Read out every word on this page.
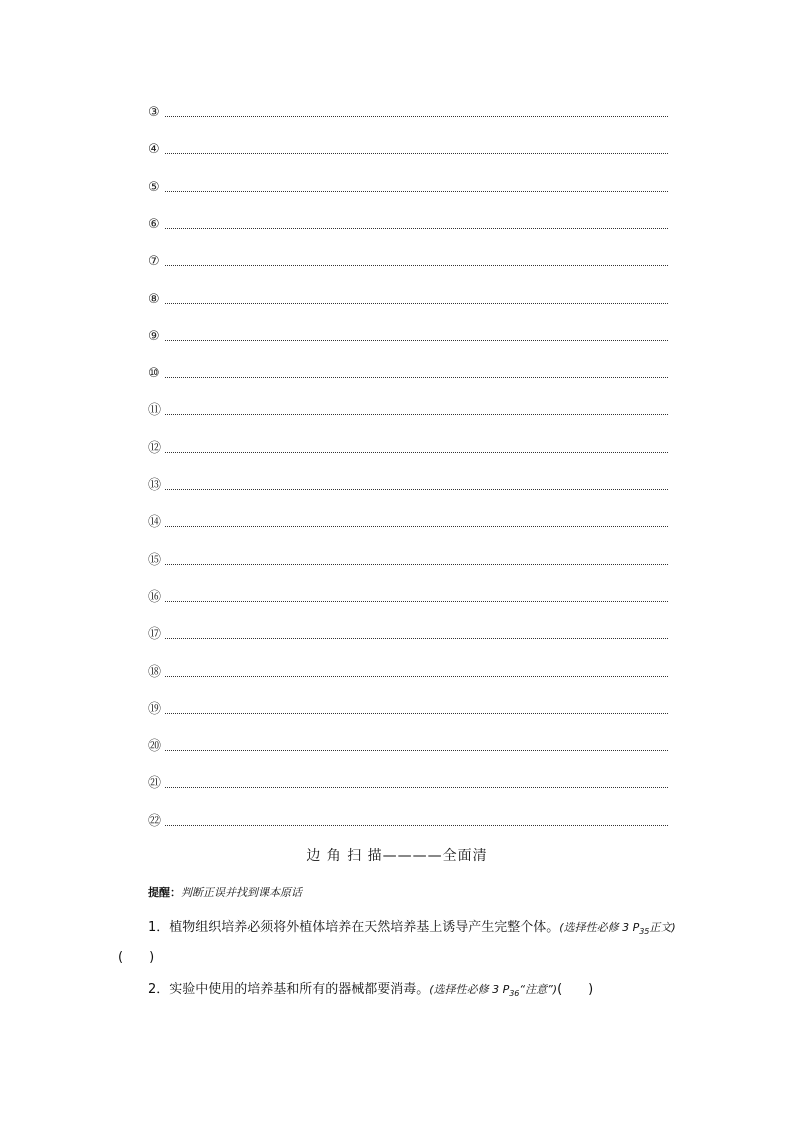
③
④
⑤
⑥
⑦
⑧
⑨
⑩
⑪
⑫
⑬
⑭
⑮
⑯
⑰
⑱
⑲
⑳
㉑
㉒
边 角 扫 描————全面清
提醒：判断正误并找到课本原话
1．植物组织培养必须将外植体培养在天然培养基上诱导产生完整个体。(选择性必修 3 $P_{35}$正文)(　　)
2．实验中使用的培养基和所有的器械都要消毒。(选择性必修 3 $P_{36}“$注意”)(　　)
